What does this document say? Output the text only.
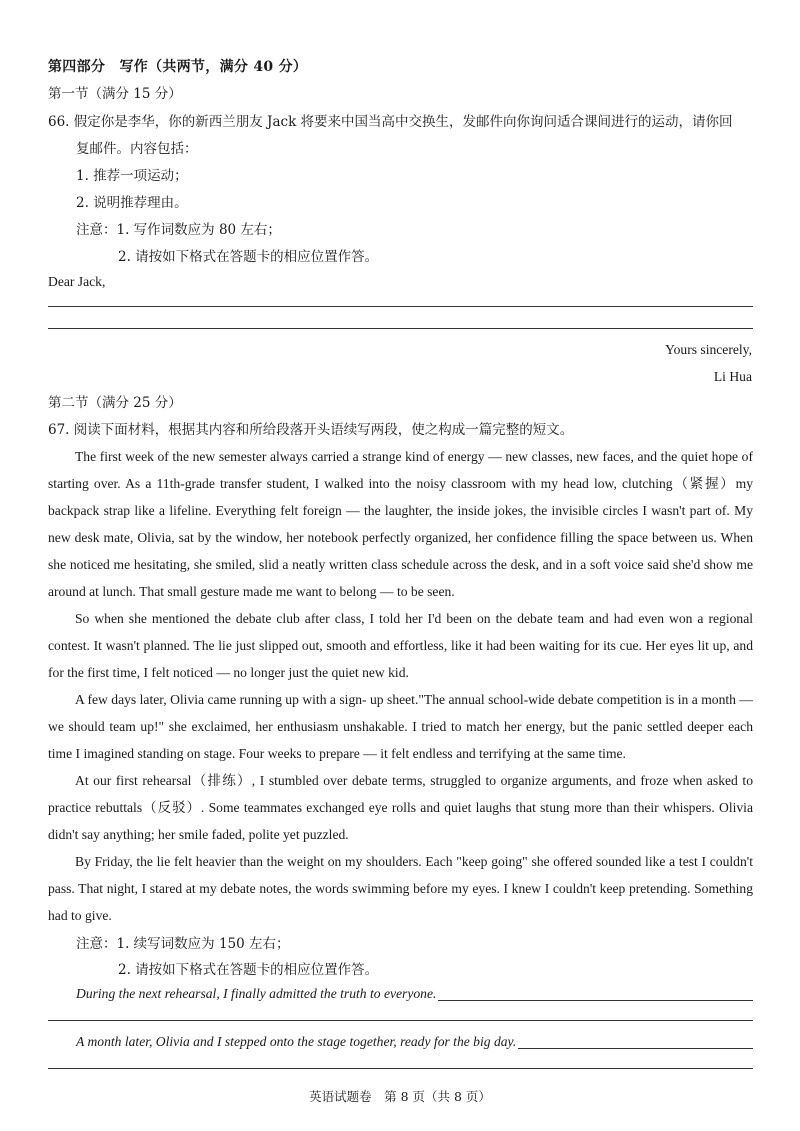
第四部分　写作（共两节，满分 40 分）
第一节（满分 15 分）
66. 假定你是李华，你的新西兰朋友 Jack 将要来中国当高中交换生，发邮件向你询问适合课间进行的运动，请你回
复邮件。内容包括：
1. 推荐一项运动；
2. 说明推荐理由。
注意：1. 写作词数应为 80 左右；
2. 请按如下格式在答题卡的相应位置作答。
Dear Jack,
Yours sincerely,
Li Hua
第二节（满分 25 分）
67. 阅读下面材料，根据其内容和所给段落开头语续写两段，使之构成一篇完整的短文。
The first week of the new semester always carried a strange kind of energy — new classes, new faces, and the quiet hope of starting over. As a 11th-grade transfer student, I walked into the noisy classroom with my head low, clutching（紧握）my backpack strap like a lifeline. Everything felt foreign — the laughter, the inside jokes, the invisible circles I wasn't part of. My new desk mate, Olivia, sat by the window, her notebook perfectly organized, her confidence filling the space between us. When she noticed me hesitating, she smiled, slid a neatly written class schedule across the desk, and in a soft voice said she'd show me around at lunch. That small gesture made me want to belong — to be seen.
So when she mentioned the debate club after class, I told her I'd been on the debate team and had even won a regional contest. It wasn't planned. The lie just slipped out, smooth and effortless, like it had been waiting for its cue. Her eyes lit up, and for the first time, I felt noticed — no longer just the quiet new kid.
A few days later, Olivia came running up with a sign- up sheet."The annual school-wide debate competition is in a month — we should team up!" she exclaimed, her enthusiasm unshakable. I tried to match her energy, but the panic settled deeper each time I imagined standing on stage. Four weeks to prepare — it felt endless and terrifying at the same time.
At our first rehearsal（排练）, I stumbled over debate terms, struggled to organize arguments, and froze when asked to practice rebuttals（反驳）. Some teammates exchanged eye rolls and quiet laughs that stung more than their whispers. Olivia didn't say anything; her smile faded, polite yet puzzled.
By Friday, the lie felt heavier than the weight on my shoulders. Each "keep going" she offered sounded like a test I couldn't pass. That night, I stared at my debate notes, the words swimming before my eyes. I knew I couldn't keep pretending. Something had to give.
注意：1. 续写词数应为 150 左右；
2. 请按如下格式在答题卡的相应位置作答。
During the next rehearsal, I finally admitted the truth to everyone.
A month later, Olivia and I stepped onto the stage together, ready for the big day.
英语试题卷　第 8 页（共 8 页）
